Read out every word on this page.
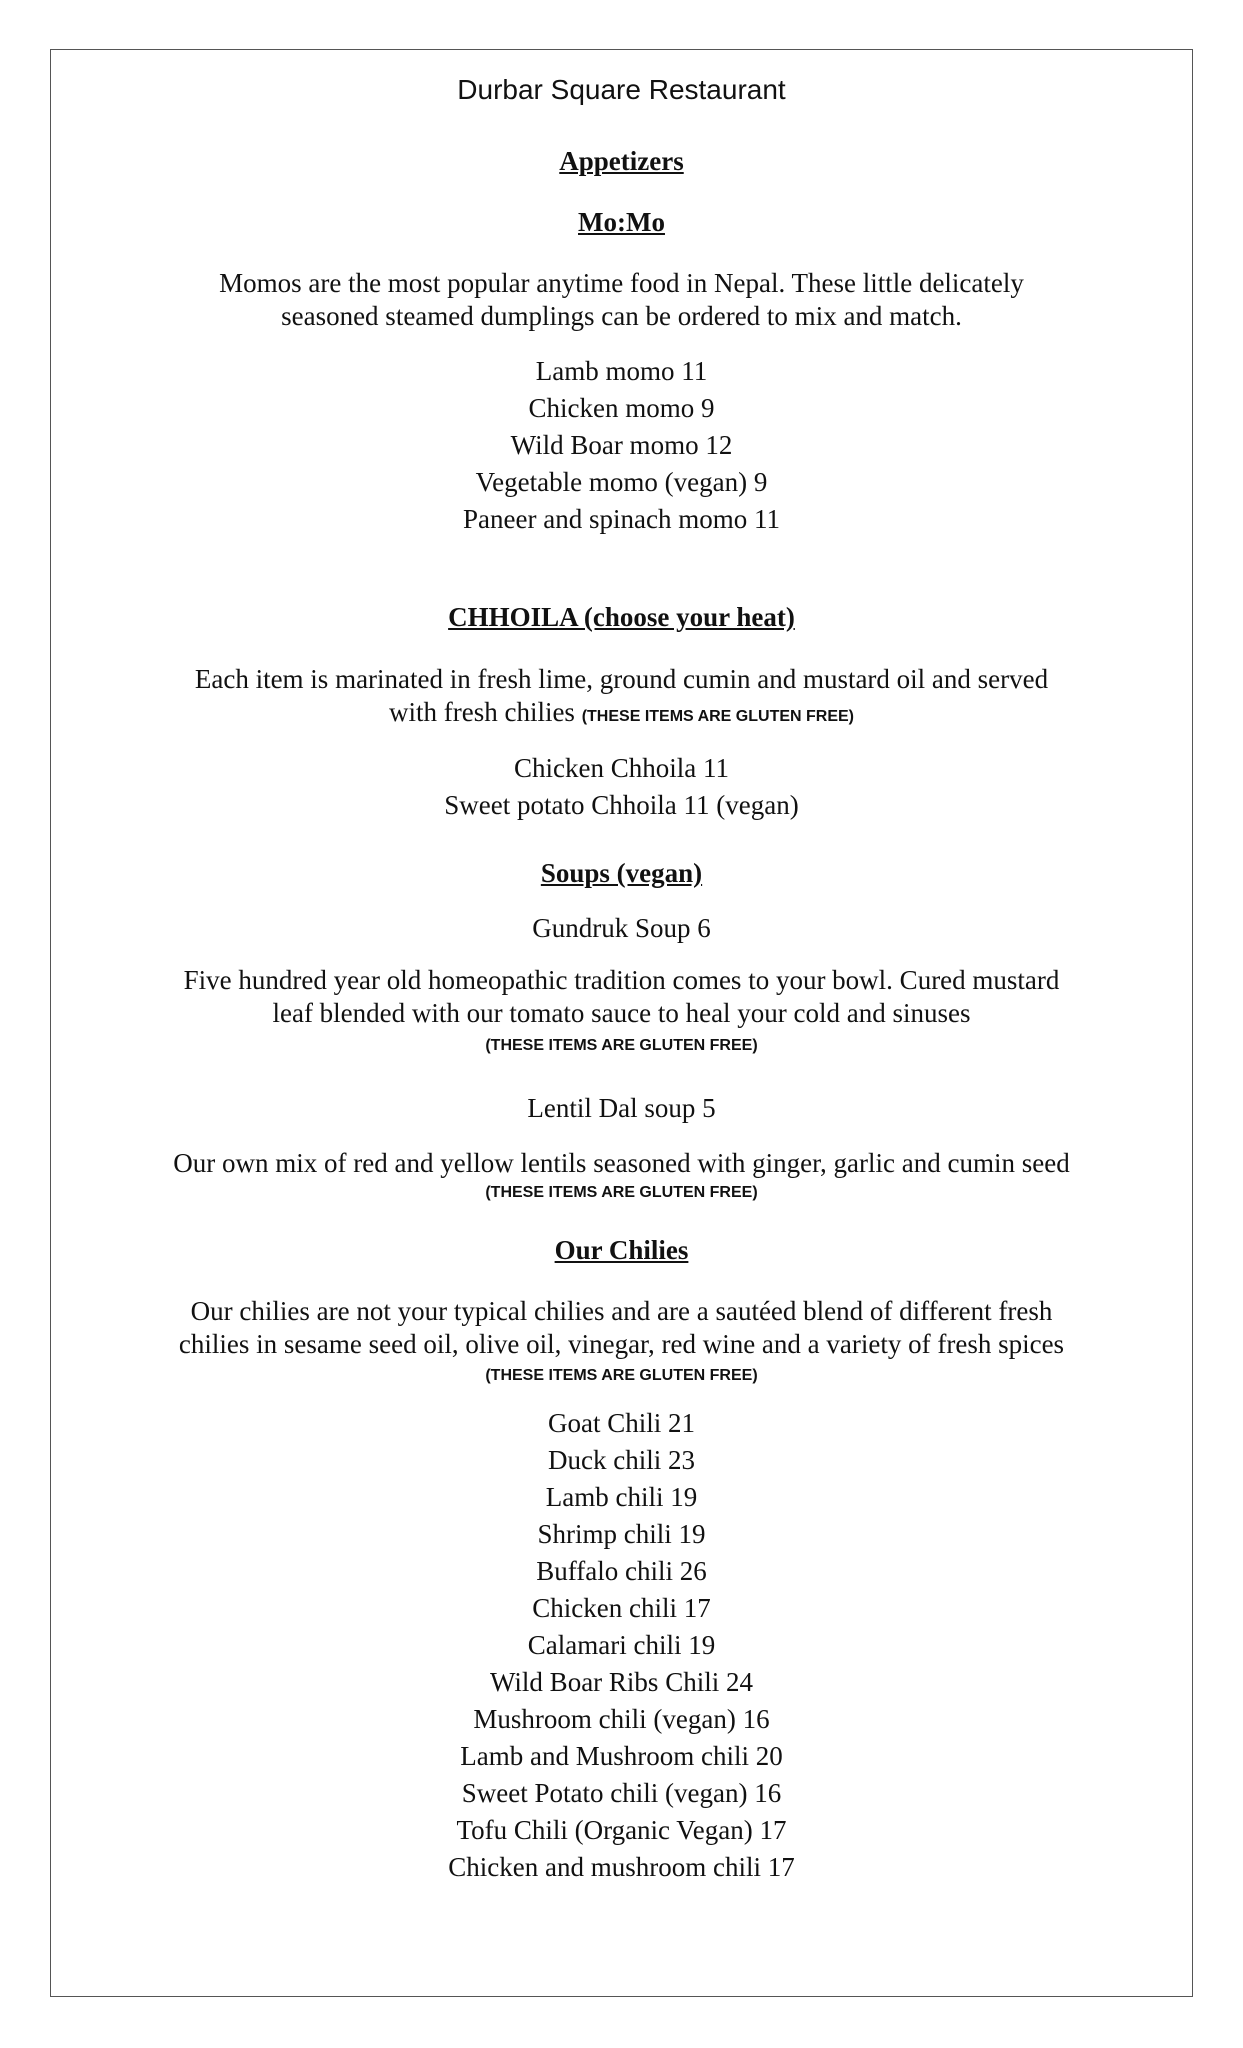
Durbar Square Restaurant

Appetizers

Mo:Mo

Momos are the most popular anytime food in Nepal. These little delicately

seasoned steamed dumplings can be ordered to mix and match.

Lamb momo 11

Chicken momo 9

Wild Boar momo 12

Vegetable momo (vegan) 9

Paneer and spinach momo 11

CHHOILA (choose your heat)

Each item is marinated in fresh lime, ground cumin and mustard oil and served

with fresh chilies (THESE ITEMS ARE GLUTEN FREE)

Chicken Chhoila 11

Sweet potato Chhoila 11 (vegan)

Soups (vegan)

Gundruk Soup 6

Five hundred year old homeopathic tradition comes to your bowl. Cured mustard

leaf blended with our tomato sauce to heal your cold and sinuses

(THESE ITEMS ARE GLUTEN FREE)

Lentil Dal soup 5

Our own mix of red and yellow lentils seasoned with ginger, garlic and cumin seed

(THESE ITEMS ARE GLUTEN FREE)

Our Chilies

Our chilies are not your typical chilies and are a sautéed blend of different fresh

chilies in sesame seed oil, olive oil, vinegar, red wine and a variety of fresh spices

(THESE ITEMS ARE GLUTEN FREE)

Goat Chili 21

Duck chili 23

Lamb chili 19

Shrimp chili 19

Buffalo chili 26

Chicken chili 17

Calamari chili 19

Wild Boar Ribs Chili 24

Mushroom chili (vegan) 16

Lamb and Mushroom chili 20

Sweet Potato chili (vegan) 16

Tofu Chili (Organic Vegan) 17

Chicken and mushroom chili 17
